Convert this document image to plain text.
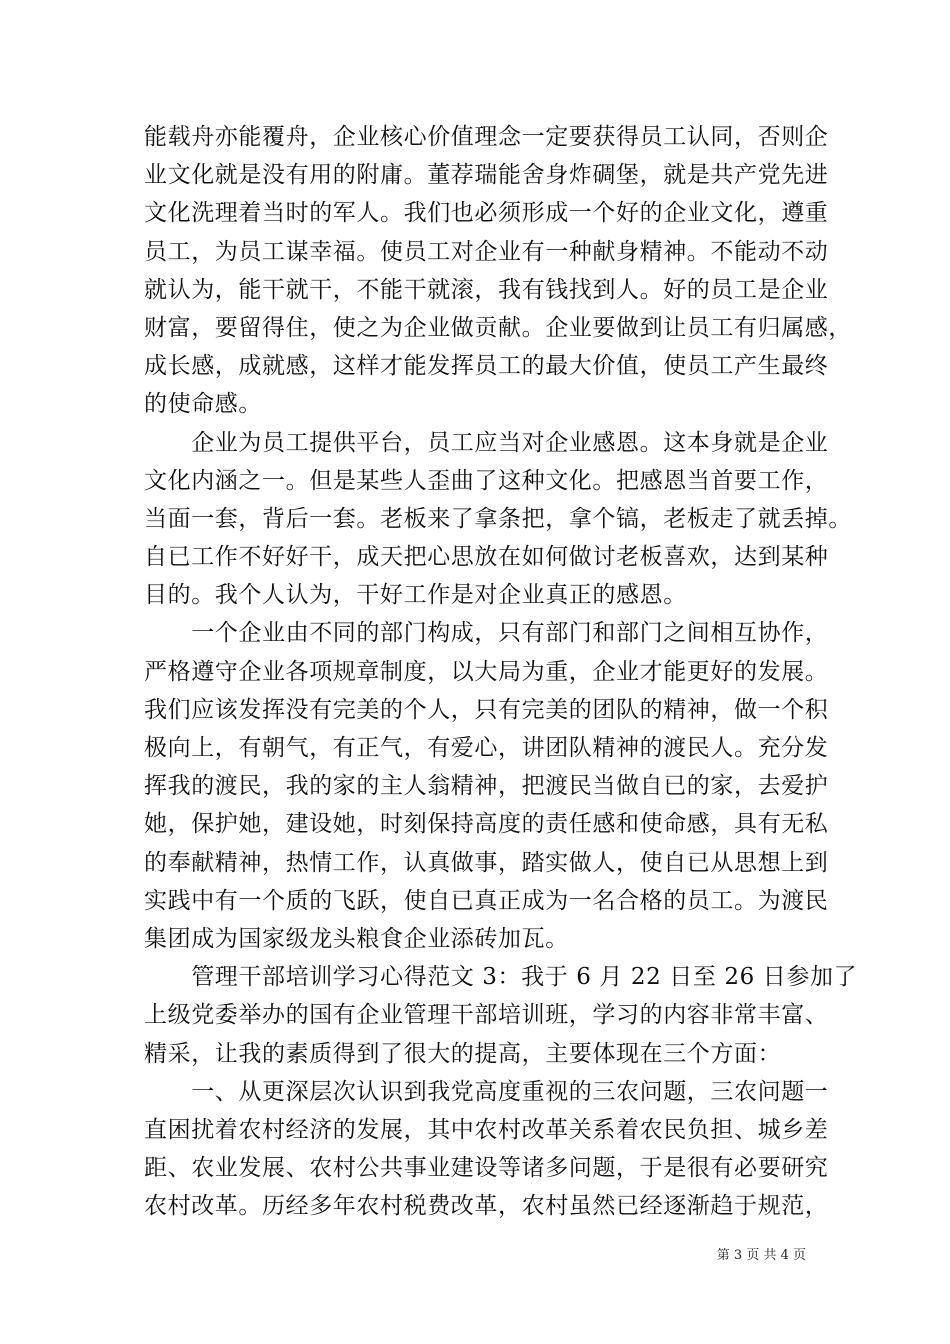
能载舟亦能覆舟，企业核心价值理念一定要获得员工认同，否则企
业文化就是没有用的附庸。董荐瑞能舍身炸碉堡，就是共产党先进
文化洗理着当时的军人。我们也必须形成一个好的企业文化，遵重
员工，为员工谋幸福。使员工对企业有一种献身精神。不能动不动
就认为，能干就干，不能干就滚，我有钱找到人。好的员工是企业
财富，要留得住，使之为企业做贡献。企业要做到让员工有归属感，
成长感，成就感，这样才能发挥员工的最大价值，使员工产生最终
的使命感。
　　企业为员工提供平台，员工应当对企业感恩。这本身就是企业
文化内涵之一。但是某些人歪曲了这种文化。把感恩当首要工作，
当面一套，背后一套。老板来了拿条把，拿个镐，老板走了就丢掉。
自已工作不好好干，成天把心思放在如何做讨老板喜欢，达到某种
目的。我个人认为，干好工作是对企业真正的感恩。
　　一个企业由不同的部门构成，只有部门和部门之间相互协作，
严格遵守企业各项规章制度，以大局为重，企业才能更好的发展。
我们应该发挥没有完美的个人，只有完美的团队的精神，做一个积
极向上，有朝气，有正气，有爱心，讲团队精神的渡民人。充分发
挥我的渡民，我的家的主人翁精神，把渡民当做自已的家，去爱护
她，保护她，建设她，时刻保持高度的责任感和使命感，具有无私
的奉献精神，热情工作，认真做事，踏实做人，使自已从思想上到
实践中有一个质的飞跃，使自已真正成为一名合格的员工。为渡民
集团成为国家级龙头粮食企业添砖加瓦。
　　管理干部培训学习心得范文 3：我于 6 月 22 日至 26 日参加了
上级党委举办的国有企业管理干部培训班，学习的内容非常丰富、
精采，让我的素质得到了很大的提高，主要体现在三个方面：
　　一、从更深层次认识到我党高度重视的三农问题，三农问题一
直困扰着农村经济的发展，其中农村改革关系着农民负担、城乡差
距、农业发展、农村公共事业建设等诸多问题，于是很有必要研究
农村改革。历经多年农村税费改革，农村虽然已经逐渐趋于规范，
第 3 页 共 4 页
